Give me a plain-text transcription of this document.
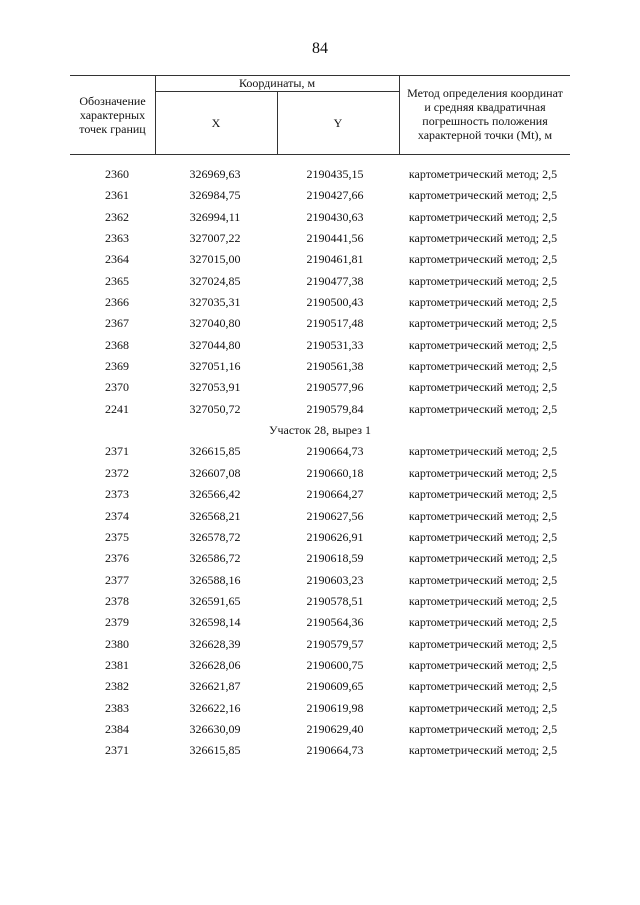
84
Обозначение характерных точек границ
Координаты, м
X	Y
Метод определения координат и средняя квадратичная погрешность положения характерной точки (Mt), м
2360	326969,63	2190435,15	картометрический метод; 2,5
2361	326984,75	2190427,66	картометрический метод; 2,5
2362	326994,11	2190430,63	картометрический метод; 2,5
2363	327007,22	2190441,56	картометрический метод; 2,5
2364	327015,00	2190461,81	картометрический метод; 2,5
2365	327024,85	2190477,38	картометрический метод; 2,5
2366	327035,31	2190500,43	картометрический метод; 2,5
2367	327040,80	2190517,48	картометрический метод; 2,5
2368	327044,80	2190531,33	картометрический метод; 2,5
2369	327051,16	2190561,38	картометрический метод; 2,5
2370	327053,91	2190577,96	картометрический метод; 2,5
2241	327050,72	2190579,84	картометрический метод; 2,5
Участок 28, вырез 1
2371	326615,85	2190664,73	картометрический метод; 2,5
2372	326607,08	2190660,18	картометрический метод; 2,5
2373	326566,42	2190664,27	картометрический метод; 2,5
2374	326568,21	2190627,56	картометрический метод; 2,5
2375	326578,72	2190626,91	картометрический метод; 2,5
2376	326586,72	2190618,59	картометрический метод; 2,5
2377	326588,16	2190603,23	картометрический метод; 2,5
2378	326591,65	2190578,51	картометрический метод; 2,5
2379	326598,14	2190564,36	картометрический метод; 2,5
2380	326628,39	2190579,57	картометрический метод; 2,5
2381	326628,06	2190600,75	картометрический метод; 2,5
2382	326621,87	2190609,65	картометрический метод; 2,5
2383	326622,16	2190619,98	картометрический метод; 2,5
2384	326630,09	2190629,40	картометрический метод; 2,5
2371	326615,85	2190664,73	картометрический метод; 2,5
